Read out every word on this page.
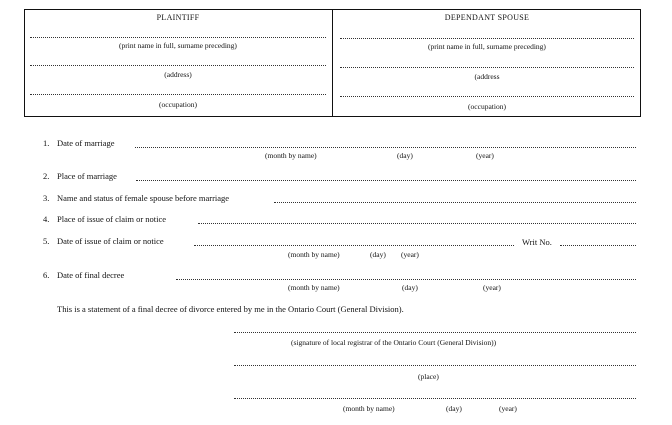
PLAINTIFF
(print name in full, surname preceding)
(address)
(occupation)
DEPENDANT SPOUSE
(print name in full, surname preceding)
(address
(occupation)
1. Date of marriage
(month by name)	(day)	(year)
2. Place of marriage
3. Name and status of female spouse before marriage
4. Place of issue of claim or notice
5. Date of issue of claim or notice	Writ No.
(month by name)	(day) (year)
6. Date of final decree
(month by name)	(day)	(year)
This is a statement of a final decree of divorce entered by me in the Ontario Court (General Division).
(signature of local registrar of the Ontario Court (General Division))
(place)
(month by name)	(day)	(year)
